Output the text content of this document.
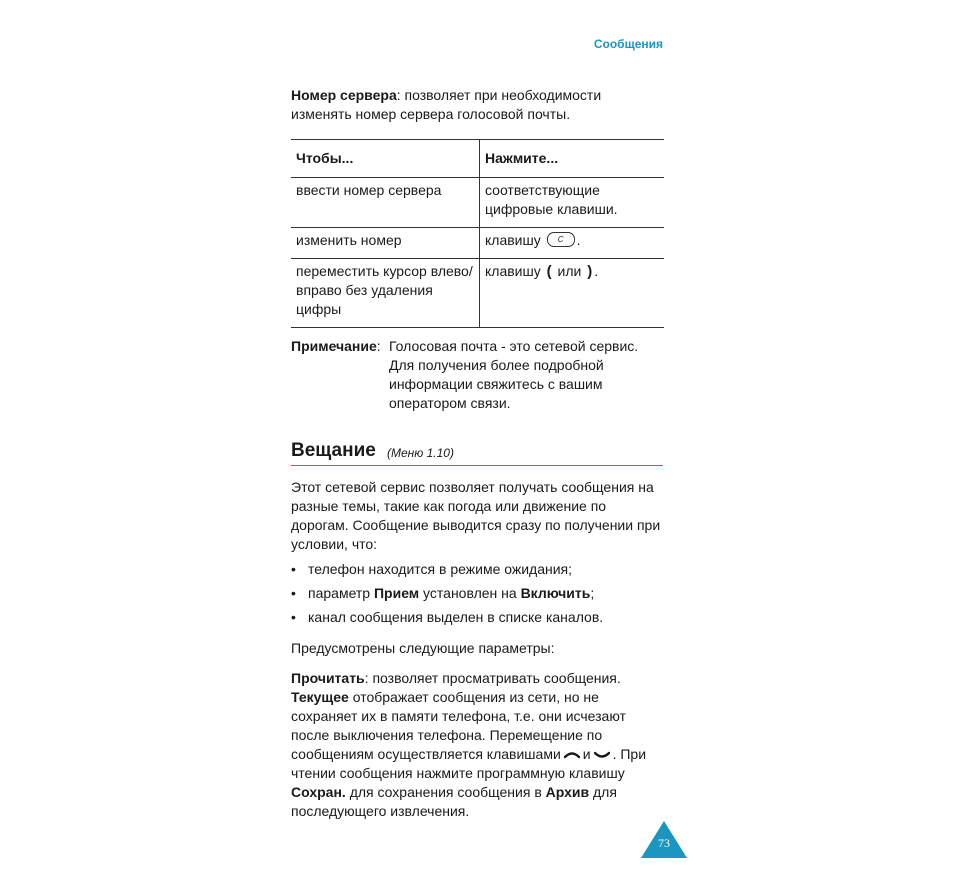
Сообщения
Номер сервера: позволяет при необходимости изменять номер сервера голосовой почты.
Чтобы...	Нажмите...
ввести номер сервера	соответствующие цифровые клавиши.
изменить номер	клавишу C .
переместить курсор влево/вправо без удаления цифры	клавишу ( или ) .
Примечание: Голосовая почта - это сетевой сервис. Для получения более подробной информации свяжитесь с вашим оператором связи.
Вещание (Меню 1.10)
Этот сетевой сервис позволяет получать сообщения на разные темы, такие как погода или движение по дорогам. Сообщение выводится сразу по получении при условии, что:
• телефон находится в режиме ожидания;
• параметр Прием установлен на Включить;
• канал сообщения выделен в списке каналов.
Предусмотрены следующие параметры:
Прочитать: позволяет просматривать сообщения.
Текущее отображает сообщения из сети, но не сохраняет их в памяти телефона, т.е. они исчезают после выключения телефона. Перемещение по сообщениям осуществляется клавишами и . При чтении сообщения нажмите программную клавишу Сохран. для сохранения сообщения в Архив для последующего извлечения.
73
